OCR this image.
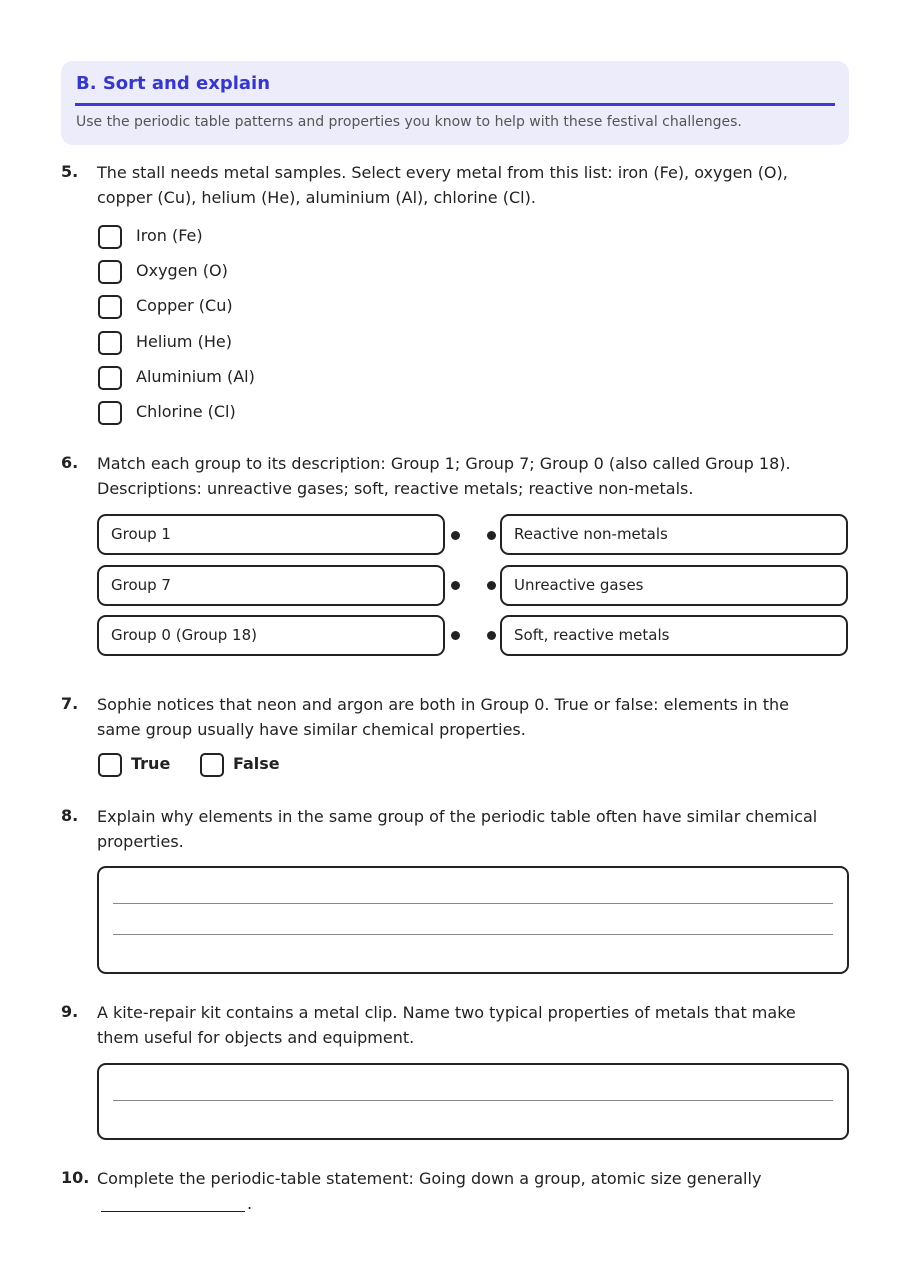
B. Sort and explain
Use the periodic table patterns and properties you know to help with these festival challenges.
5. The stall needs metal samples. Select every metal from this list: iron (Fe), oxygen (O), copper (Cu), helium (He), aluminium (Al), chlorine (Cl).
Iron (Fe)
Oxygen (O)
Copper (Cu)
Helium (He)
Aluminium (Al)
Chlorine (Cl)
6. Match each group to its description: Group 1; Group 7; Group 0 (also called Group 18). Descriptions: unreactive gases; soft, reactive metals; reactive non-metals.
Group 1	Reactive non-metals
Group 7	Unreactive gases
Group 0 (Group 18)	Soft, reactive metals
7. Sophie notices that neon and argon are both in Group 0. True or false: elements in the same group usually have similar chemical properties.
True	False
8. Explain why elements in the same group of the periodic table often have similar chemical properties.
9. A kite-repair kit contains a metal clip. Name two typical properties of metals that make them useful for objects and equipment.
10. Complete the periodic-table statement: Going down a group, atomic size generally
.
